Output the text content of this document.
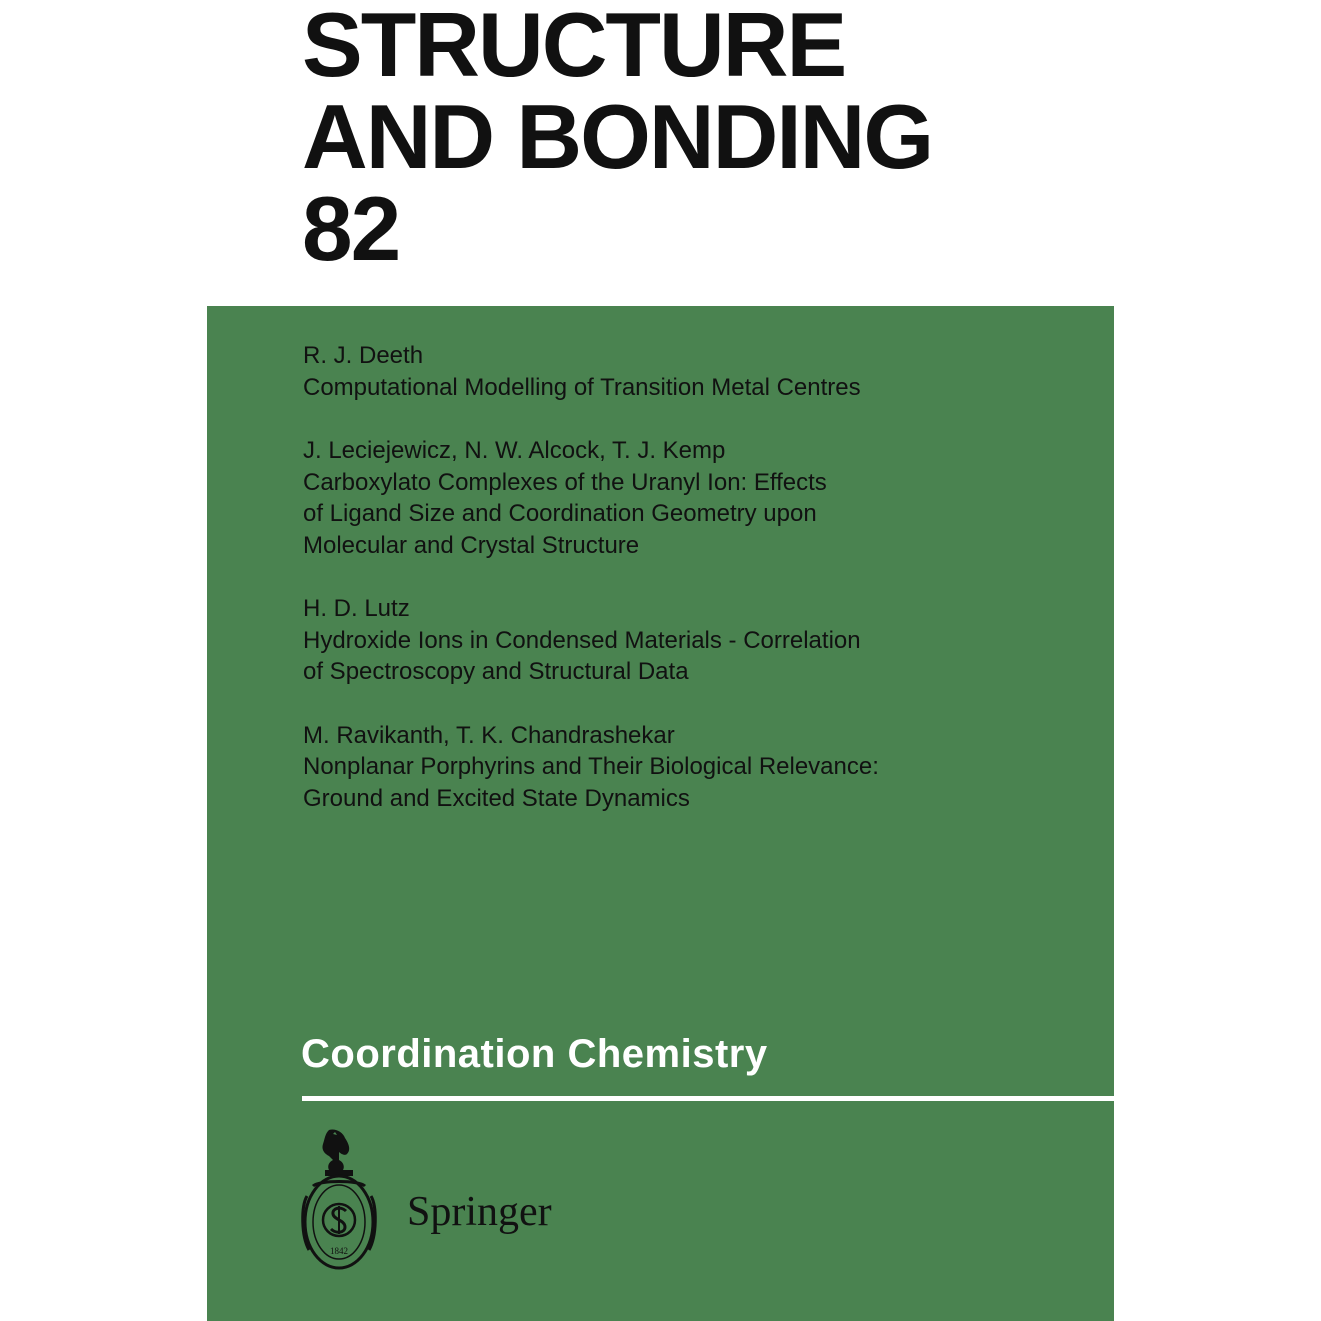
STRUCTURE
AND BONDING
82
R. J. Deeth
Computational Modelling of Transition Metal Centres
J. Leciejewicz, N. W. Alcock, T. J. Kemp
Carboxylato Complexes of the Uranyl Ion: Effects
of Ligand Size and Coordination Geometry upon
Molecular and Crystal Structure
H. D. Lutz
Hydroxide Ions in Condensed Materials - Correlation
of Spectroscopy and Structural Data
M. Ravikanth, T. K. Chandrashekar
Nonplanar Porphyrins and Their Biological Relevance:
Ground and Excited State Dynamics
Coordination Chemistry
1842
Springer
